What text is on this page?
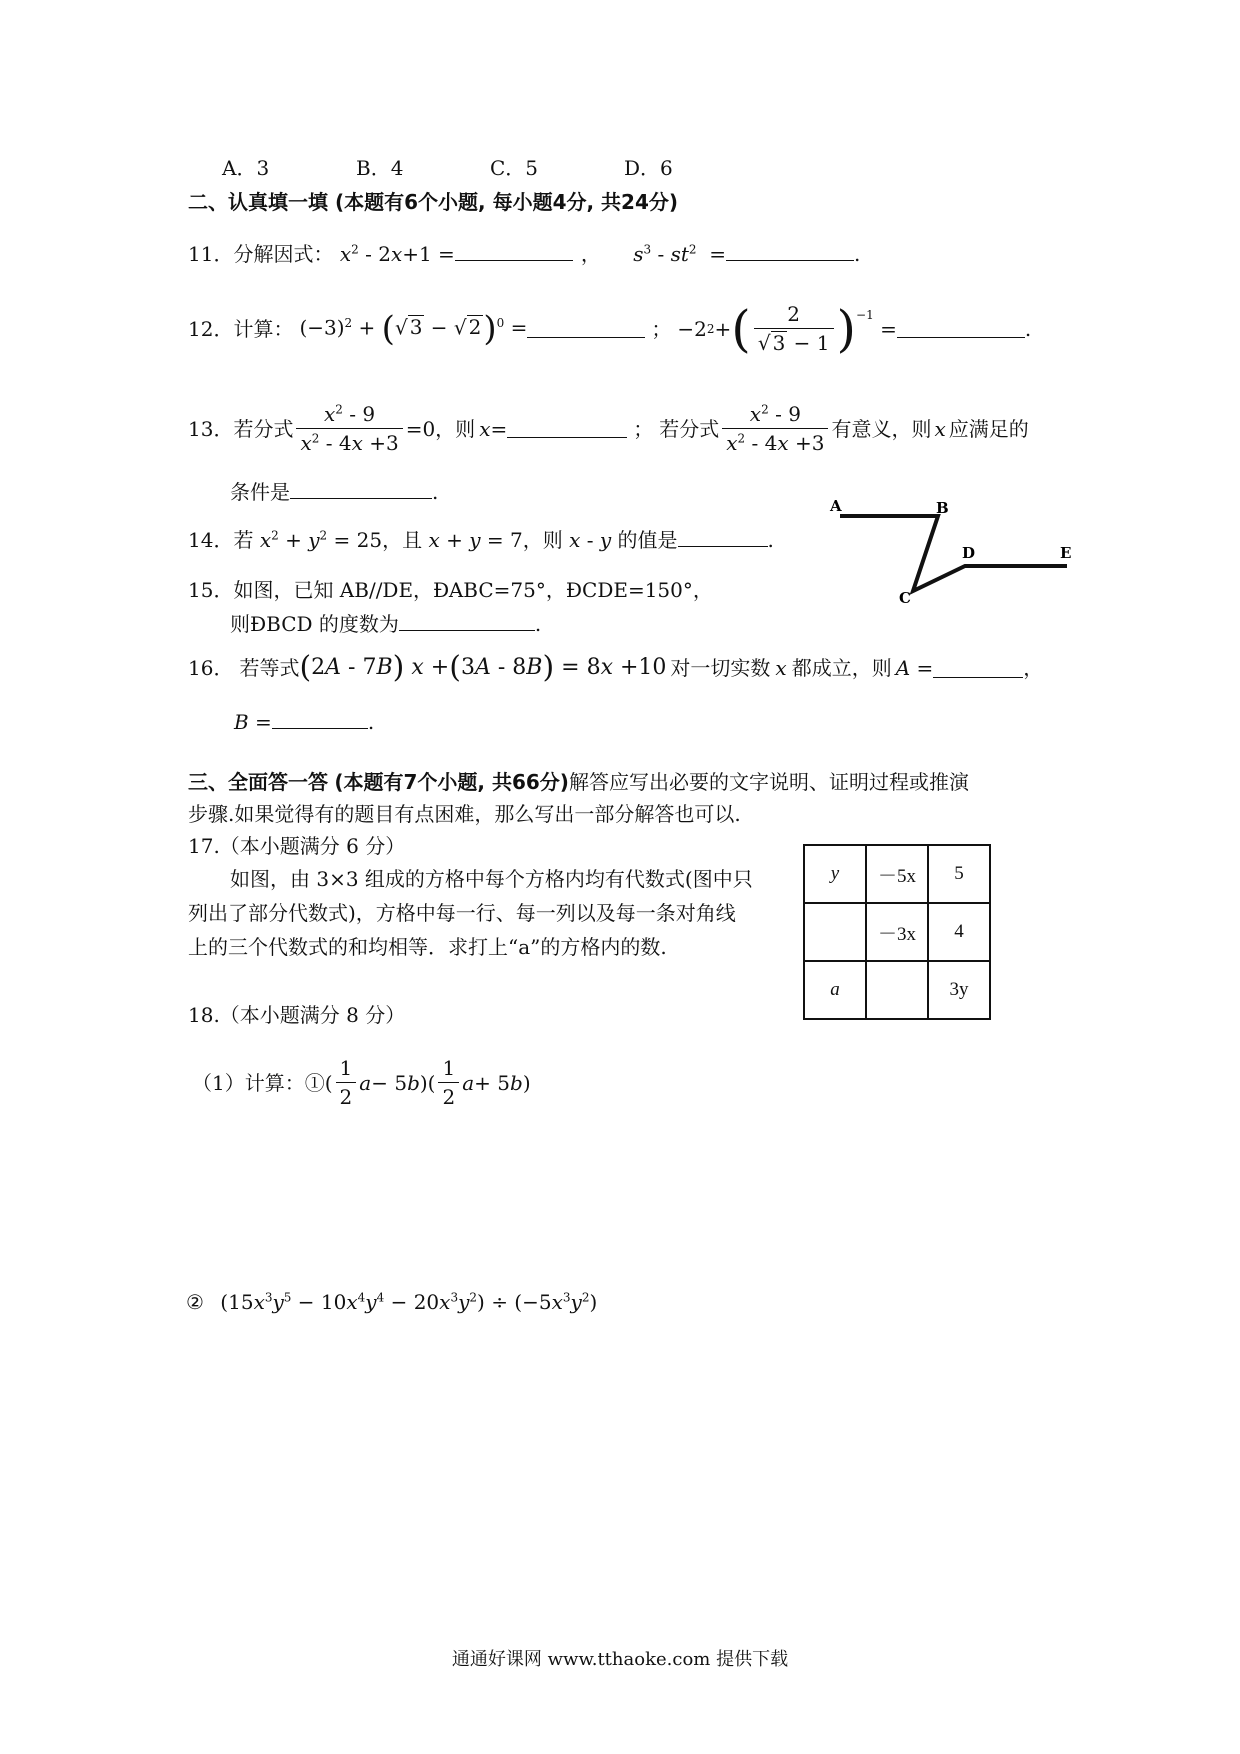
A．3	B．4	C．5	D．6
二、认真填一填 (本题有6个小题, 每小题4分, 共24分)
11．分解因式： $x^2 - 2x+1$ =	， $s^3 - st^2$  =	.
12． 计算： $(-3)^2$ + (√ 3 − √ 2)$^0$ =	； −2 2 + ( $\frac{2}{√ 3 - 1} )^{-1}$
=	.
13． 若分式 $\frac{x^2 - 9}{x^2 - 4x +3} =0$，则 x =	； 若分式 $\frac{x^2 - 9}{x^2 - 4x +3}$ 有意义，则 x 应满足的
条件是	.
14．若 $x^2 + y^2 = 25$，且 x + y = 7，则 x - y 的值是	.
15．如图，已知 AB//DE，ÐABC=75°，ÐCDE=150°，
则ÐBCD 的度数为	.
A	B
C
D	E
16． 若等式 (2A - 7B) x +(3A - 8B) = 8x +10 对一切实数 x 都成立，则 A =	，
B =	.
三、全面答一答 (本题有7个小题, 共66分)解答应写出必要的文字说明、证明过程或推演
步骤.如果觉得有的题目有点困难，那么写出一部分解答也可以.
17.（本小题满分 6 分）
如图，由 3×3 组成的方格中每个方格内均有代数式(图中只
列出了部分代数式)，方格中每一行、每一列以及每一条对角线
上的三个代数式的和均相等．求打上“a”的方格内的数.
y	－5x	5
	－3x	4
a		3y
18.（本小题满分 8 分）
（1）计算：① ( $\frac{1}{2}$ a − 5 b )( $\frac{1}{2}$ a + 5 b )
② $(15x^3y^5 - 10x^4y^4 - 20x^3y^2) \div (-5x^3y^2)$
通通好课网 www.tthaoke.com 提供下载
